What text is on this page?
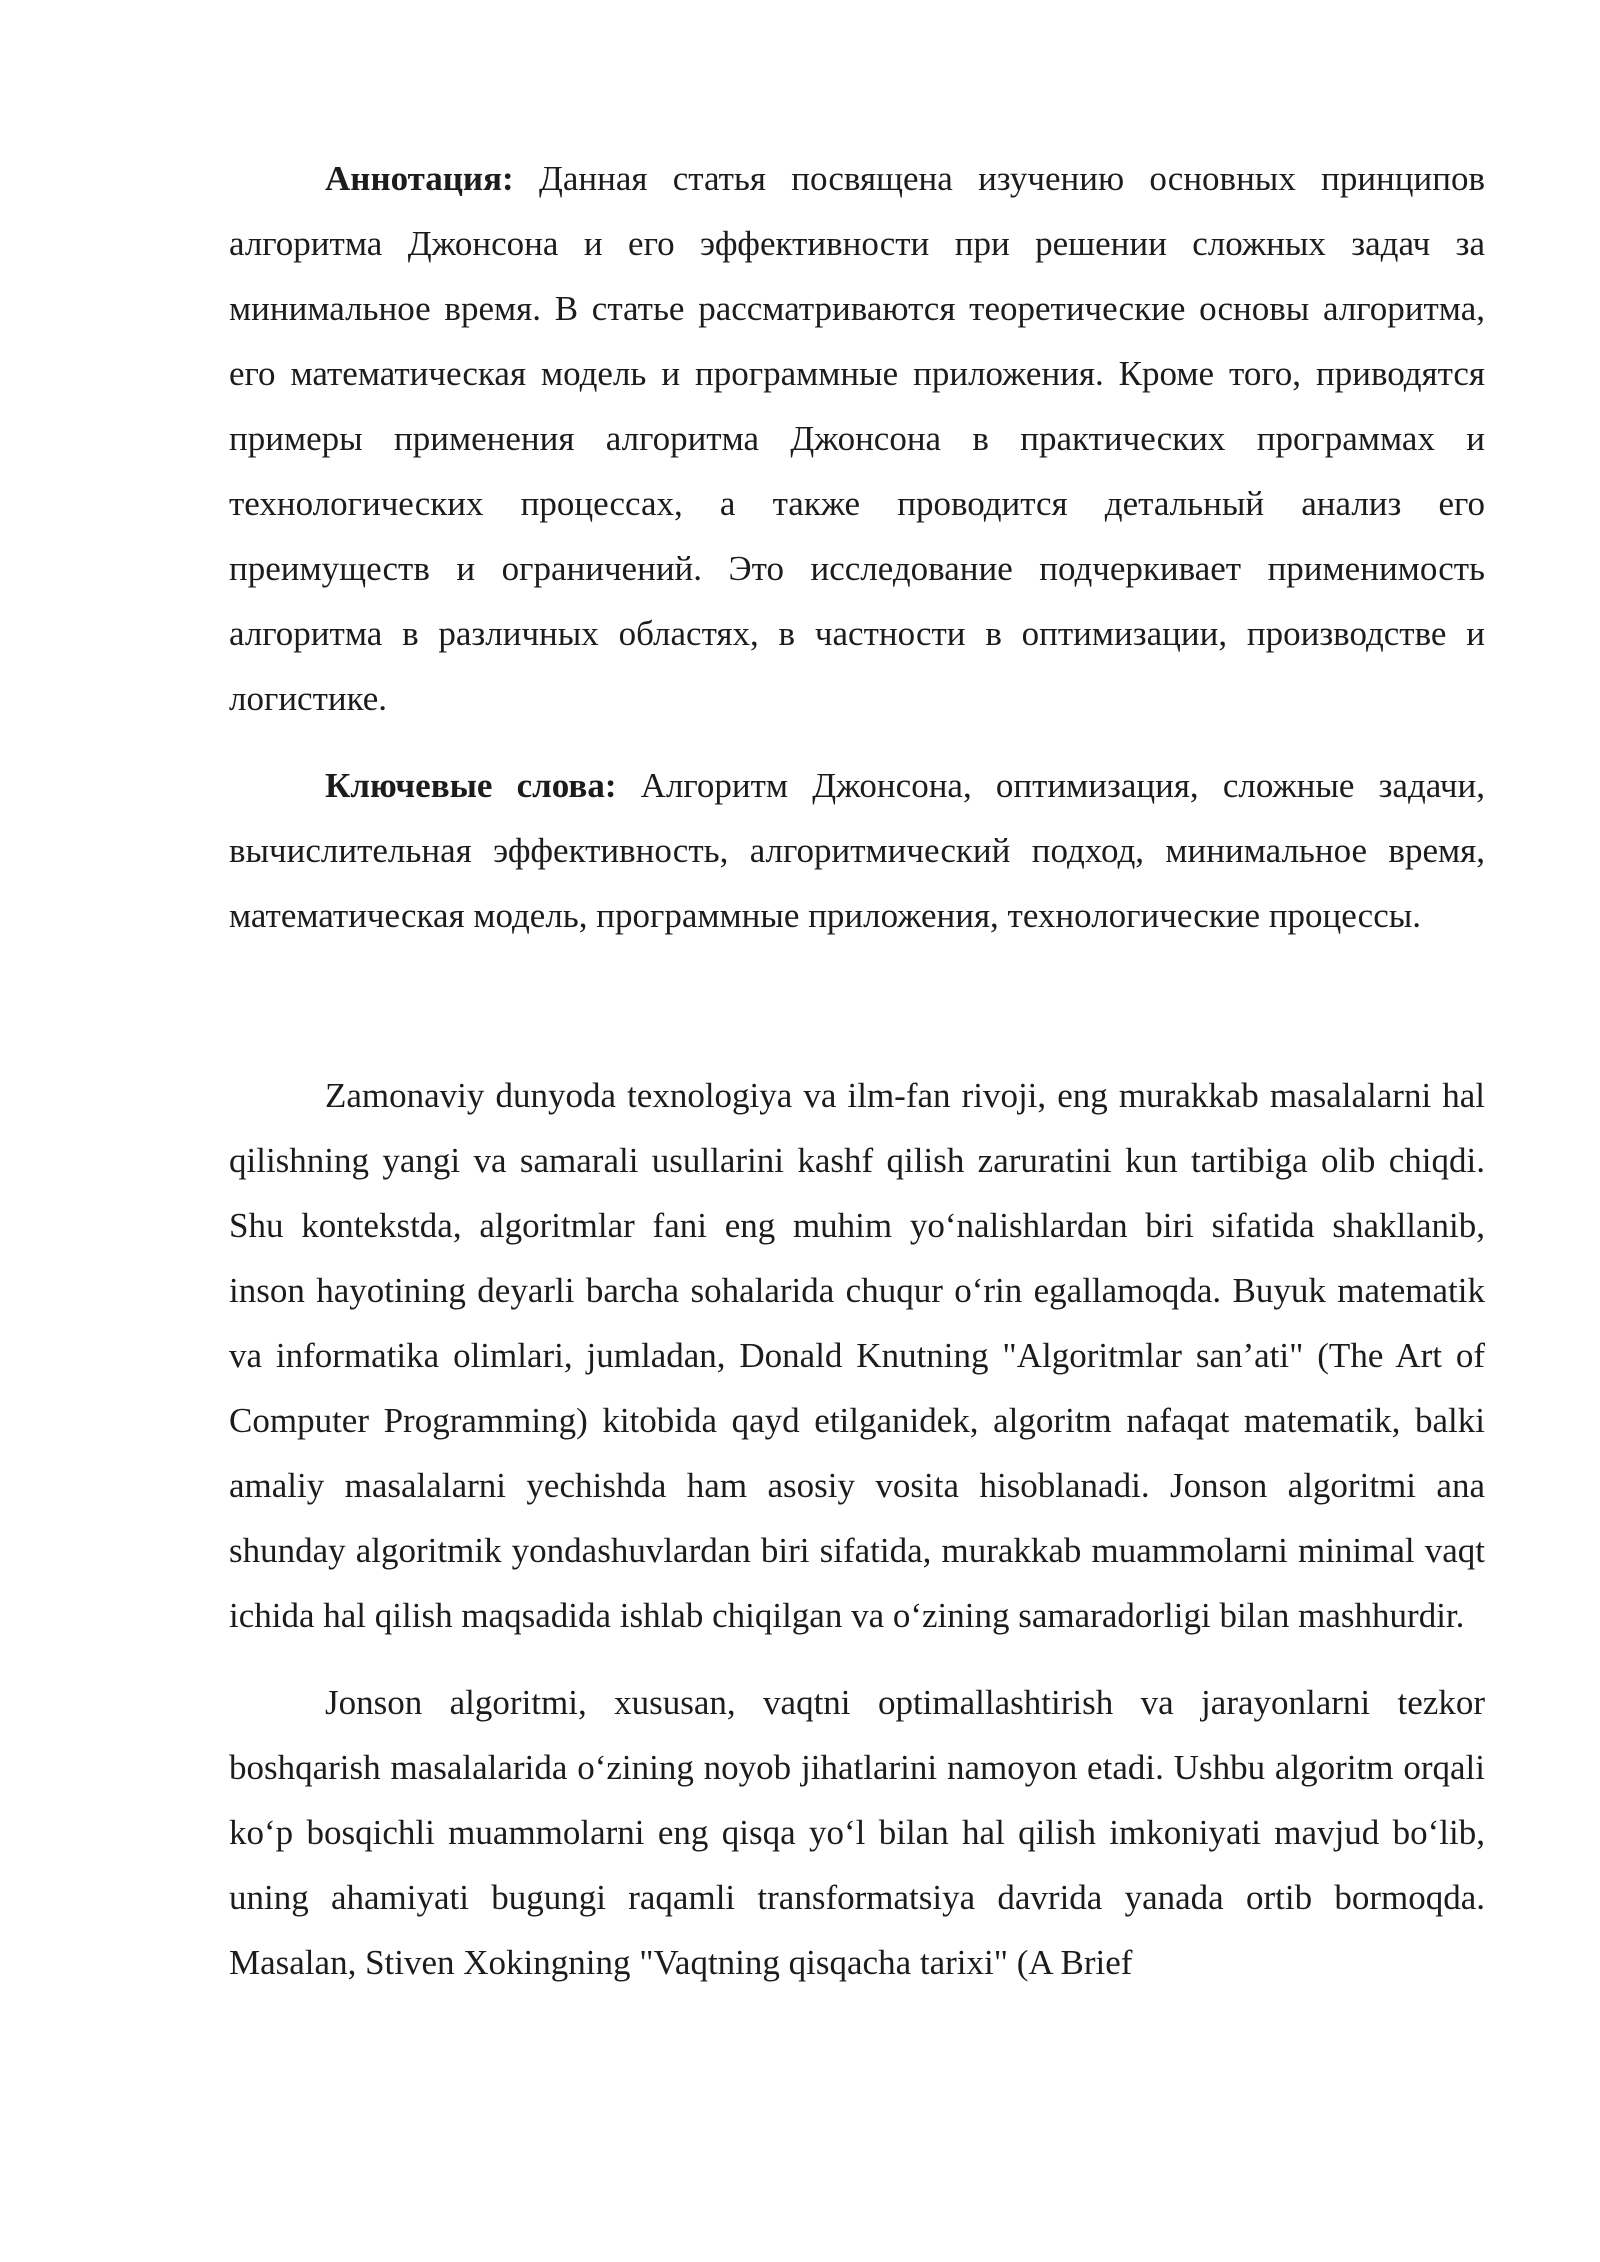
Аннотация: Данная статья посвящена изучению основных принципов алгоритма Джонсона и его эффективности при решении сложных задач за минимальное время. В статье рассматриваются теоретические основы алгоритма, его математическая модель и программные приложения. Кроме того, приводятся примеры применения алгоритма Джонсона в практических программах и технологических процессах, а также проводится детальный анализ его преимуществ и ограничений. Это исследование подчеркивает применимость алгоритма в различных областях, в частности в оптимизации, производстве и логистике.

Ключевые слова: Алгоритм Джонсона, оптимизация, сложные задачи, вычислительная эффективность, алгоритмический подход, минимальное время, математическая модель, программные приложения, технологические процессы.

Zamonaviy dunyoda texnologiya va ilm-fan rivoji, eng murakkab masalalarni hal qilishning yangi va samarali usullarini kashf qilish zaruratini kun tartibiga olib chiqdi. Shu kontekstda, algoritmlar fani eng muhim yoʻnalishlardan biri sifatida shakllanib, inson hayotining deyarli barcha sohalarida chuqur oʻrin egallamoqda. Buyuk matematik va informatika olimlari, jumladan, Donald Knutning "Algoritmlar san’ati" (The Art of Computer Programming) kitobida qayd etilganidek, algoritm nafaqat matematik, balki amaliy masalalarni yechishda ham asosiy vosita hisoblanadi. Jonson algoritmi ana shunday algoritmik yondashuvlardan biri sifatida, murakkab muammolarni minimal vaqt ichida hal qilish maqsadida ishlab chiqilgan va oʻzining samaradorligi bilan mashhurdir.

Jonson algoritmi, xususan, vaqtni optimallashtirish va jarayonlarni tezkor boshqarish masalalarida oʻzining noyob jihatlarini namoyon etadi. Ushbu algoritm orqali koʻp bosqichli muammolarni eng qisqa yoʻl bilan hal qilish imkoniyati mavjud boʻlib, uning ahamiyati bugungi raqamli transformatsiya davrida yanada ortib bormoqda. Masalan, Stiven Xokingning "Vaqtning qisqacha tarixi" (A Brief
